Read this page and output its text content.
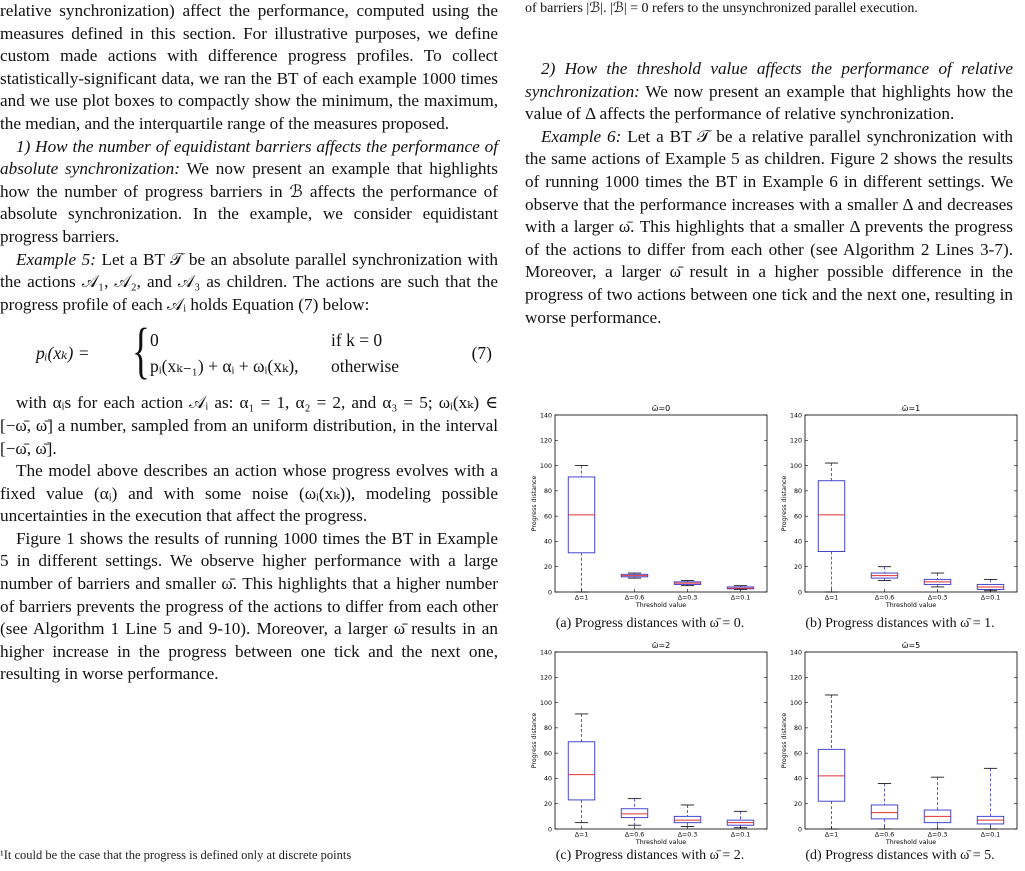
relative synchronization) affect the performance, computed using the measures defined in this section. For illustrative purposes, we define custom made actions with difference progress profiles. To collect statistically-significant data, we ran the BT of each example 1000 times and we use plot boxes to compactly show the minimum, the maximum, the median, and the interquartile range of the measures proposed.

1) How the number of equidistant barriers affects the performance of absolute synchronization: We now present an example that highlights how the number of progress barriers in ℬ affects the performance of absolute synchronization. In the example, we consider equidistant progress barriers.

Example 5: Let a BT 𝒯 be an absolute parallel synchronization with the actions 𝒜₁, 𝒜₂, and 𝒜₃ as children. The actions are such that the progress profile of each 𝒜ᵢ holds Equation (7) below:

pᵢ(xₖ) = { 0
pᵢ(xₖ₋₁) + αᵢ + ωᵢ(xₖ),
if k = 0
otherwise
(7)

with αᵢs for each action 𝒜ᵢ as: α₁ = 1, α₂ = 2, and α₃ = 5; ωᵢ(xₖ) ∈ [−ω̄, ω̄] a number, sampled from an uniform distribution, in the interval [−ω̄, ω̄].

The model above describes an action whose progress evolves with a fixed value (αᵢ) and with some noise (ωᵢ(xₖ)), modeling possible uncertainties in the execution that affect the progress.

Figure 1 shows the results of running 1000 times the BT in Example 5 in different settings. We observe higher performance with a large number of barriers and smaller ω̄. This highlights that a higher number of barriers prevents the progress of the actions to differ from each other (see Algorithm 1 Line 5 and 9-10). Moreover, a larger ω̄ results in an higher increase in the progress between one tick and the next one, resulting in worse performance.

¹It could be the case that the progress is defined only at discrete points
of barriers |ℬ|. |ℬ| = 0 refers to the unsynchronized parallel execution.

2) How the threshold value affects the performance of relative synchronization: We now present an example that highlights how the value of Δ affects the performance of relative synchronization.

Example 6: Let a BT 𝒯 be a relative parallel synchronization with the same actions of Example 5 as children. Figure 2 shows the results of running 1000 times the BT in Example 6 in different settings. We observe that the performance increases with a smaller Δ and decreases with a larger ω̄. This highlights that a smaller Δ prevents the progress of the actions to differ from each other (see Algorithm 2 Lines 3-7). Moreover, a larger ω̄ result in a higher possible difference in the progress of two actions between one tick and the next one, resulting in worse performance.

ω̄=0
0
20
40
60
80
100
120
140
Progress distance
Threshold value
Δ=1	Δ=0.6	Δ=0.3	Δ=0.1
(a) Progress distances with ω̄ = 0.
ω̄=1
0
20
40
60
80
100
120
140
Progress distance
Threshold value
Δ=1	Δ=0.6	Δ=0.3	Δ=0.1
(b) Progress distances with ω̄ = 1.
ω̄=2
0
20
40
60
80
100
120
140
Progress distance
Threshold value
Δ=1	Δ=0.6	Δ=0.3	Δ=0.1
(c) Progress distances with ω̄ = 2.
ω̄=5
0
20
40
60
80
100
120
140
Progress distance
Threshold value
Δ=1	Δ=0.6	Δ=0.3	Δ=0.1
(d) Progress distances with ω̄ = 5.
